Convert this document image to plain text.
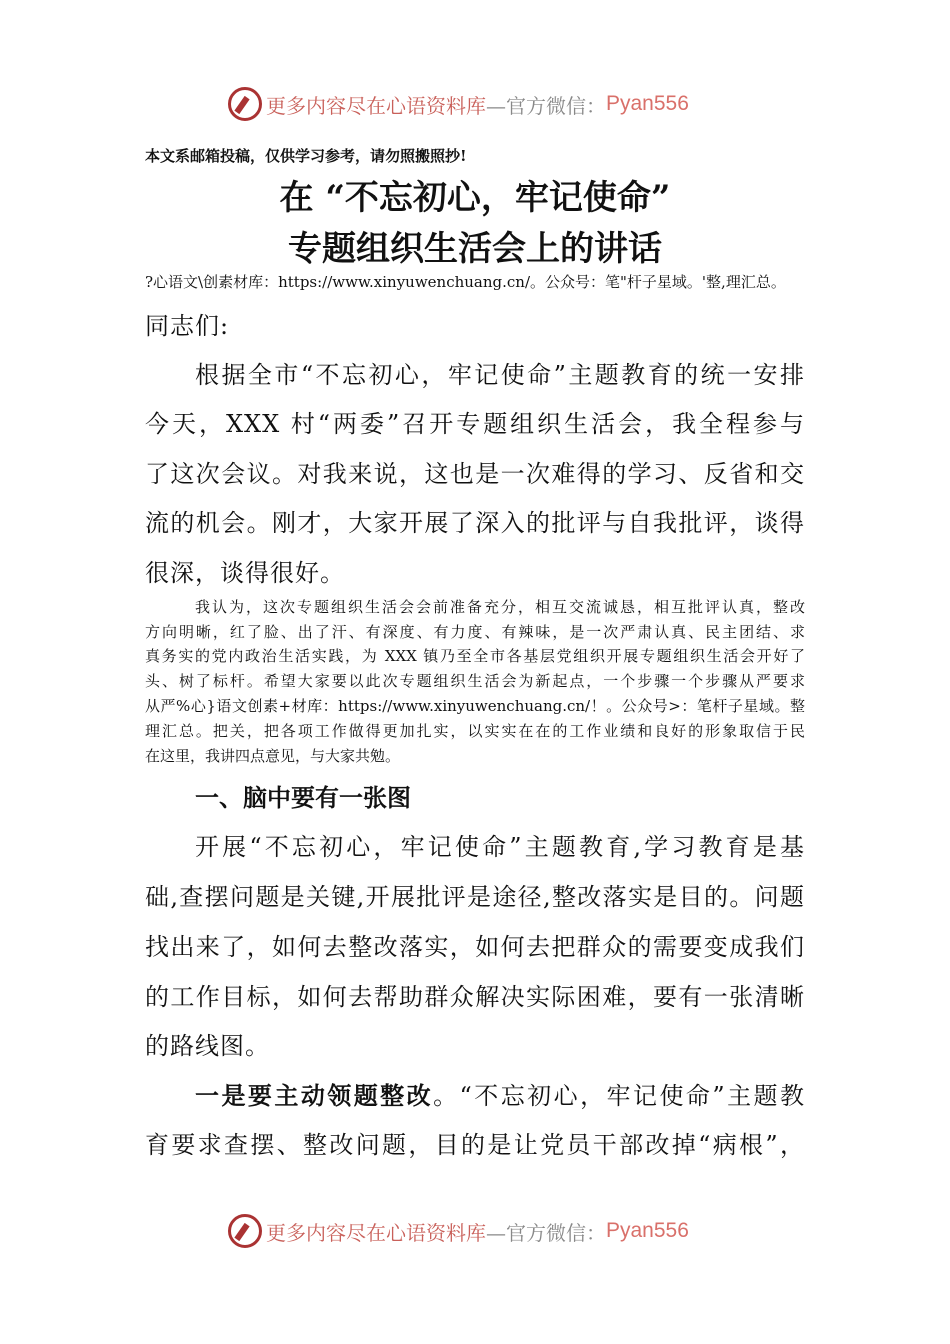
更多内容尽在心语资料库 —官方微信： Pyan556
本文系邮箱投稿，仅供学习参考，请勿照搬照抄!
在 “不忘初心，牢记使命”
专题组织生活会上的讲话
?心语文\创素材库：https://www.xinyuwenchuang.cn/。公众号：笔"杆子星域。'整,理汇总。
同志们:
根据全市“不忘初心，牢记使命”主题教育的统一安排
今天，XXX 村“两委”召开专题组织生活会，我全程参与
了这次会议。对我来说，这也是一次难得的学习、反省和交
流的机会。刚才，大家开展了深入的批评与自我批评，谈得
很深，谈得很好。
我认为，这次专题组织生活会会前准备充分，相互交流诚恳，相互批评认真，整改
方向明晰，红了脸、出了汗、有深度、有力度、有辣味，是一次严肃认真、民主团结、求
真务实的党内政治生活实践，为 XXX 镇乃至全市各基层党组织开展专题组织生活会开好了
头、树了标杆。希望大家要以此次专题组织生活会为新起点，一个步骤一个步骤从严要求
从严%心}语文创素+材库：https://www.xinyuwenchuang.cn/！。公众号>：笔杆子星域。整
理汇总。把关，把各项工作做得更加扎实，以实实在在的工作业绩和良好的形象取信于民
在这里，我讲四点意见，与大家共勉。
一、脑中要有一张图
开展“不忘初心，牢记使命”主题教育,学习教育是基
础,查摆问题是关键,开展批评是途径,整改落实是目的。问题
找出来了，如何去整改落实，如何去把群众的需要变成我们
的工作目标，如何去帮助群众解决实际困难，要有一张清晰
的路线图。
一是要主动领题整改。“不忘初心，牢记使命”主题教
育要求查摆、整改问题，目的是让党员干部改掉“病根”，
更多内容尽在心语资料库 —官方微信： Pyan556
